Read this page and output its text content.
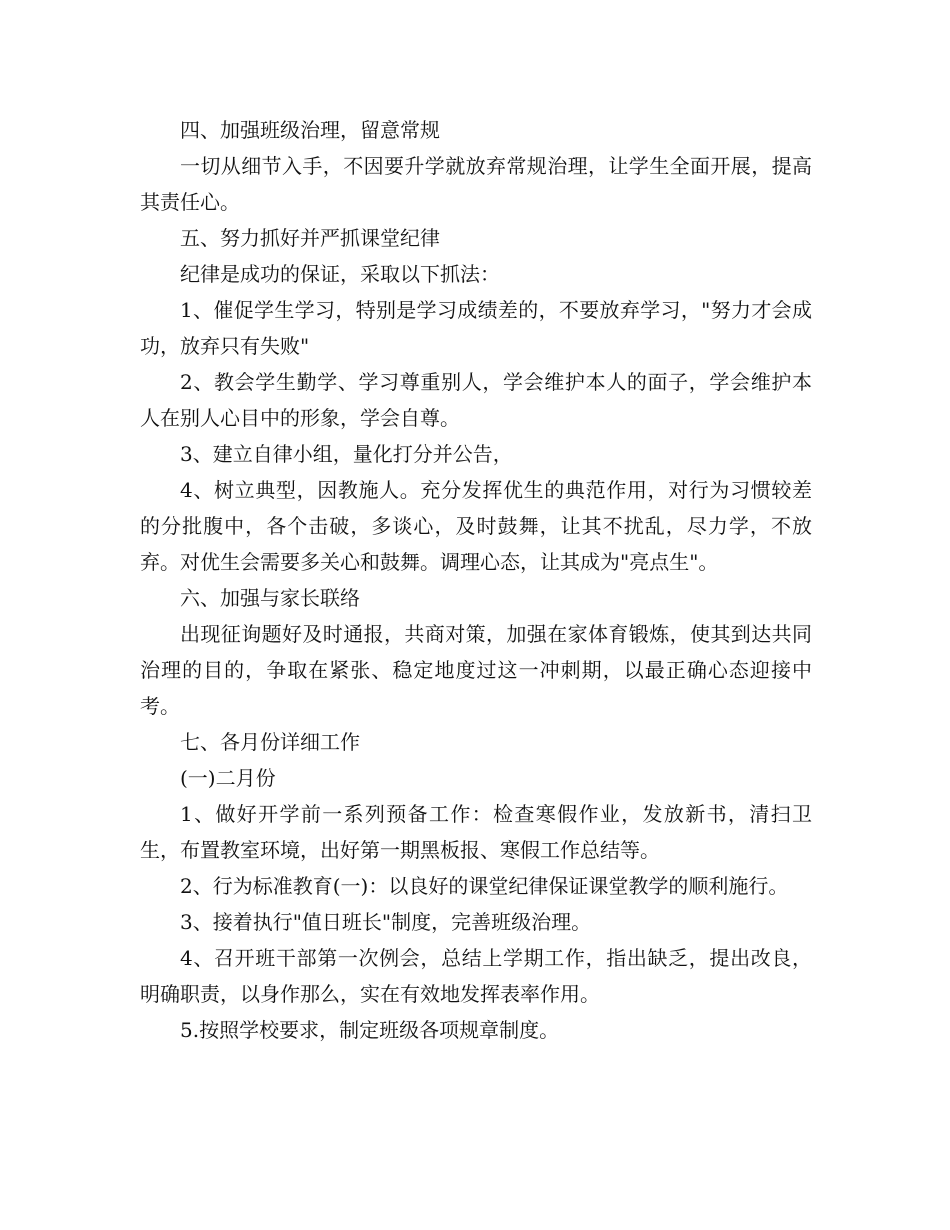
四、加强班级治理，留意常规

一切从细节入手，不因要升学就放弃常规治理，让学生全面开展，提高其责任心。

五、努力抓好并严抓课堂纪律

纪律是成功的保证，采取以下抓法：

1、催促学生学习，特别是学习成绩差的，不要放弃学习，"努力才会成功，放弃只有失败"

2、教会学生勤学、学习尊重别人，学会维护本人的面子，学会维护本人在别人心目中的形象，学会自尊。

3、建立自律小组，量化打分并公告，

4、树立典型，因教施人。充分发挥优生的典范作用，对行为习惯较差的分批腹中，各个击破，多谈心，及时鼓舞，让其不扰乱，尽力学，不放弃。对优生会需要多关心和鼓舞。调理心态，让其成为"亮点生"。

六、加强与家长联络

出现征询题好及时通报，共商对策，加强在家体育锻炼，使其到达共同治理的目的，争取在紧张、稳定地度过这一冲刺期，以最正确心态迎接中考。

七、各月份详细工作

(一)二月份

1、做好开学前一系列预备工作：检查寒假作业，发放新书，清扫卫生，布置教室环境，出好第一期黑板报、寒假工作总结等。

2、行为标准教育(一)：以良好的课堂纪律保证课堂教学的顺利施行。

3、接着执行"值日班长"制度，完善班级治理。

4、召开班干部第一次例会，总结上学期工作，指出缺乏，提出改良，明确职责，以身作那么，实在有效地发挥表率作用。

5.按照学校要求，制定班级各项规章制度。
